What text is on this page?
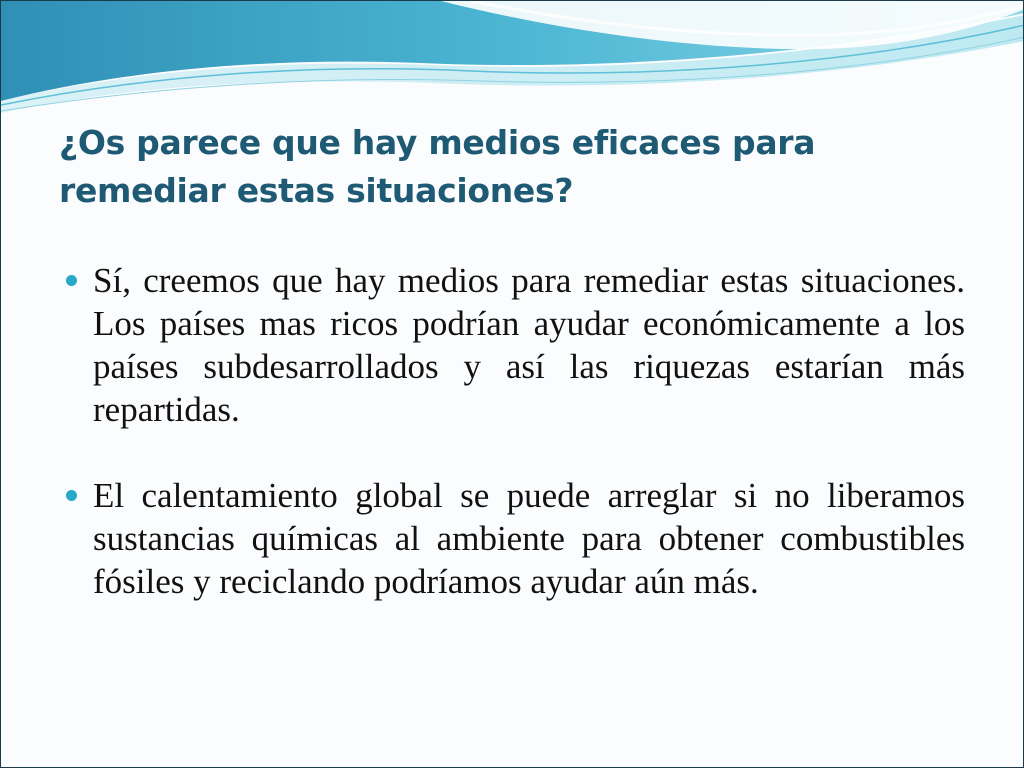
¿Os parece que hay medios eficaces para
remediar estas situaciones?
Sí, creemos que hay medios para remediar estas situaciones. Los países mas ricos podrían ayudar económicamente a los países subdesarrollados y así las riquezas estarían más repartidas.
El calentamiento global se puede arreglar si no liberamos sustancias químicas al ambiente para obtener combustibles fósiles y reciclando podríamos ayudar aún más.
